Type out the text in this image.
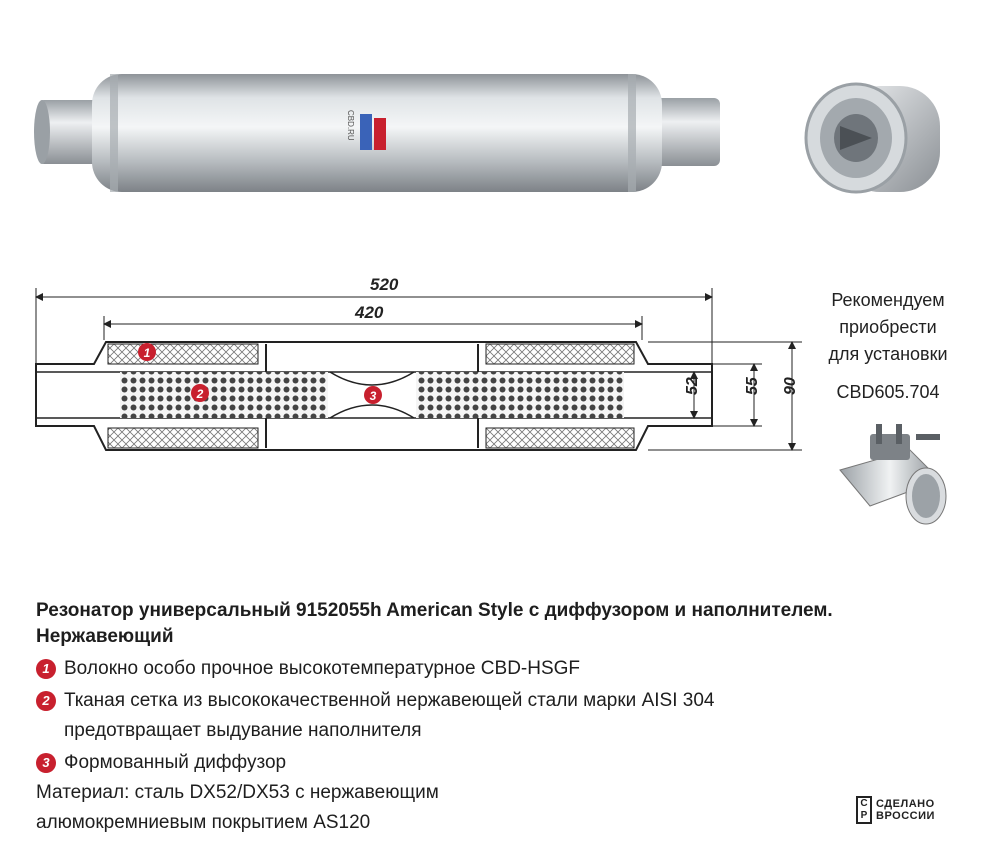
CBD.RU
520
420
1
2	3
52	55 90
Рекомендуем
приобрести
для установки
CBD605.704
Резонатор универсальный 9152055h American Style с диффузором и наполнителем.
Нержавеющий
1 Волокно особо прочное высокотемпературное CBD-HSGF
2 Ткaная сетка из высококачественной нержавеющей стали марки AISI 304
предотвращает выдувание наполнителя
3 Формованный диффузор
Материал: сталь DX52/DX53 с нержавеющим
алюмокремниевым покрытием AS120
С
Р
СДЕЛАНО
ВРОССИИ
